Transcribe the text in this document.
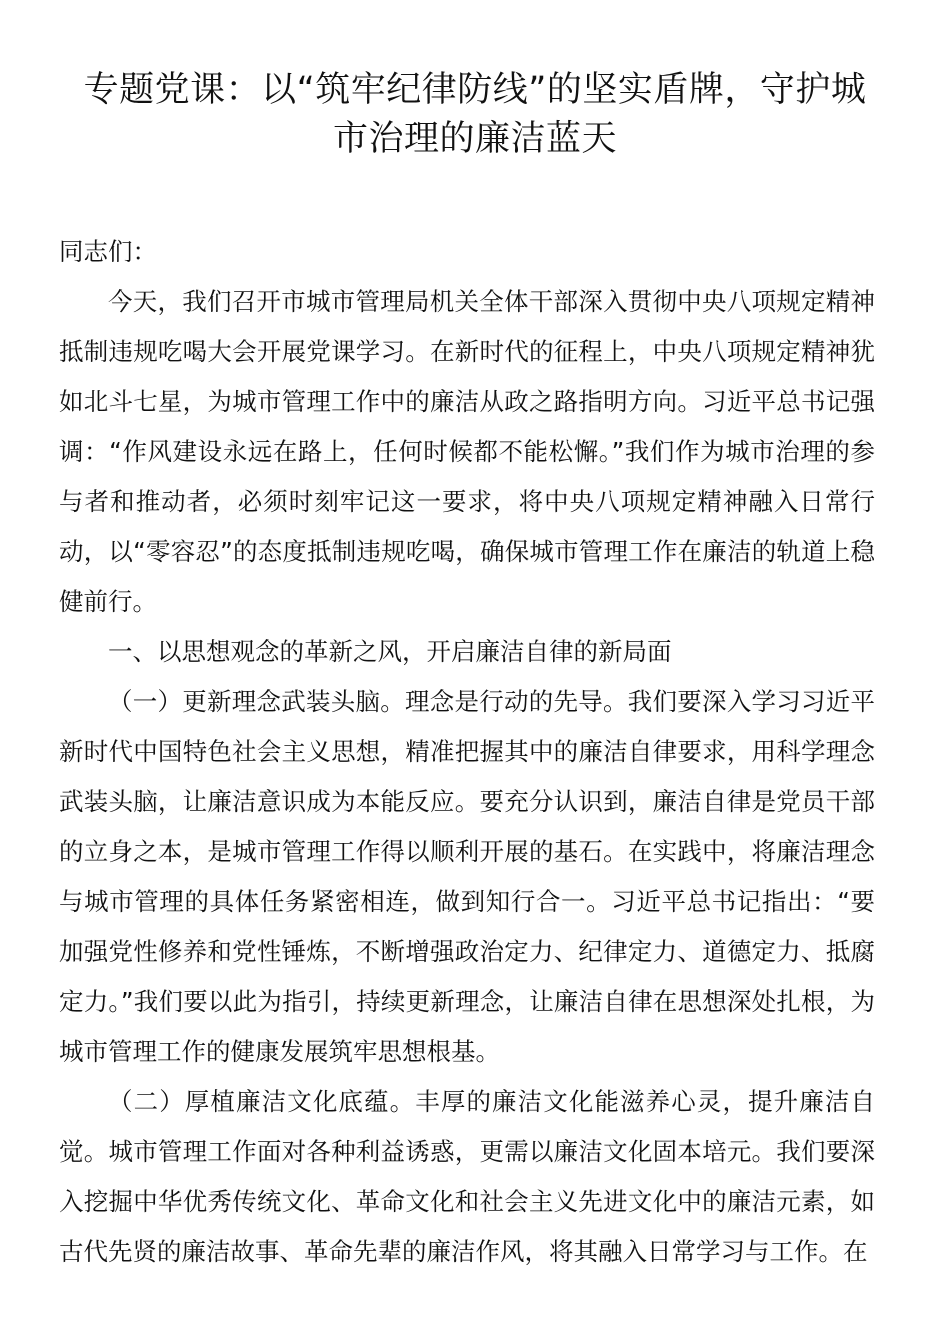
专题党课：以“筑牢纪律防线”的坚实盾牌，守护城市治理的廉洁蓝天

同志们：

今天，我们召开市城市管理局机关全体干部深入贯彻中央八项规定精神抵制违规吃喝大会开展党课学习。在新时代的征程上，中央八项规定精神犹如北斗七星，为城市管理工作中的廉洁从政之路指明方向。习近平总书记强调：“作风建设永远在路上，任何时候都不能松懈。”我们作为城市治理的参与者和推动者，必须时刻牢记这一要求，将中央八项规定精神融入日常行动，以“零容忍”的态度抵制违规吃喝，确保城市管理工作在廉洁的轨道上稳健前行。

一、以思想观念的革新之风，开启廉洁自律的新局面

（一）更新理念武装头脑。理念是行动的先导。我们要深入学习习近平新时代中国特色社会主义思想，精准把握其中的廉洁自律要求，用科学理念武装头脑，让廉洁意识成为本能反应。要充分认识到，廉洁自律是党员干部的立身之本，是城市管理工作得以顺利开展的基石。在实践中，将廉洁理念与城市管理的具体任务紧密相连，做到知行合一。习近平总书记指出：“要加强党性修养和党性锤炼，不断增强政治定力、纪律定力、道德定力、抵腐定力。”我们要以此为指引，持续更新理念，让廉洁自律在思想深处扎根，为城市管理工作的健康发展筑牢思想根基。

（二）厚植廉洁文化底蕴。丰厚的廉洁文化能滋养心灵，提升廉洁自觉。城市管理工作面对各种利益诱惑，更需以廉洁文化固本培元。我们要深入挖掘中华优秀传统文化、革命文化和社会主义先进文化中的廉洁元素，如古代先贤的廉洁故事、革命先辈的廉洁作风，将其融入日常学习与工作。在
